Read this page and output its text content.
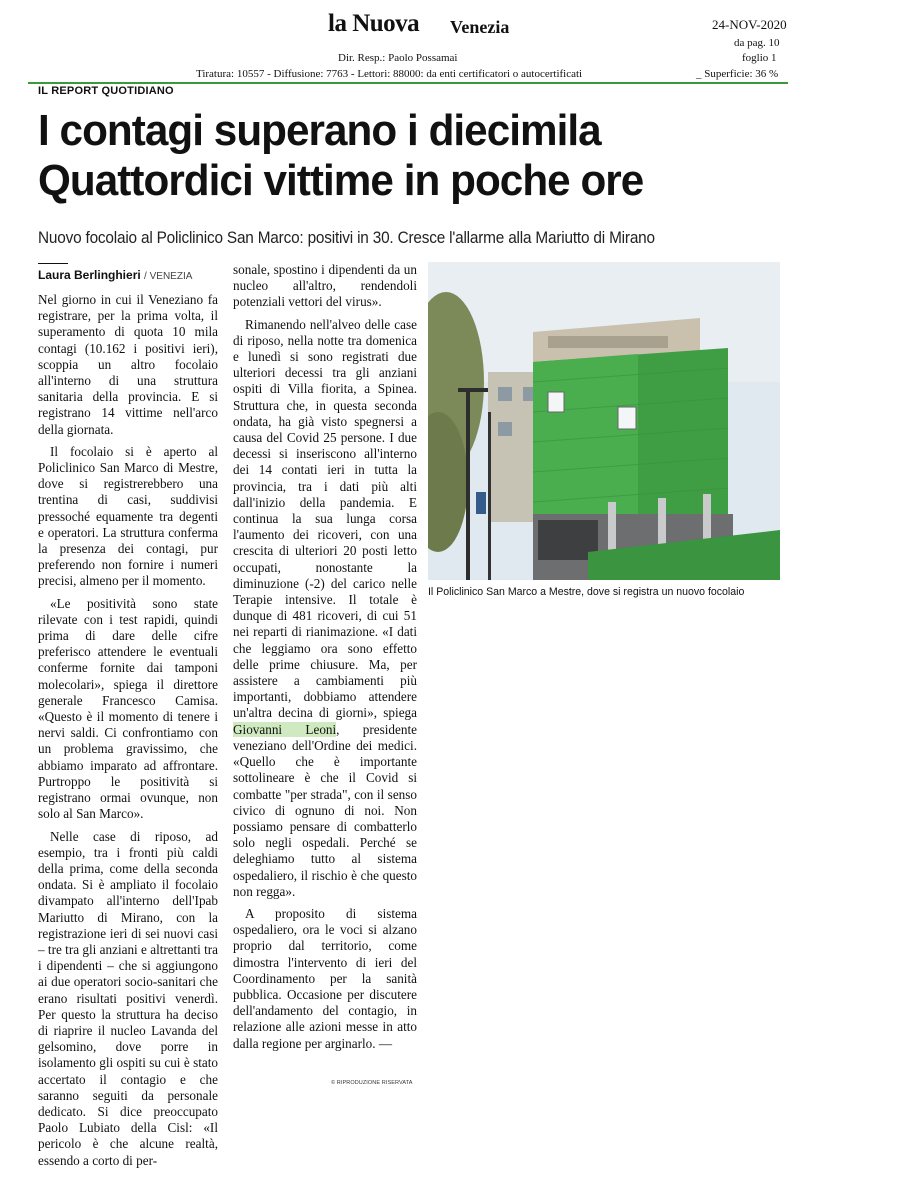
la Nuova Venezia	24-NOV-2020
da pag. 10
foglio 1
Dir. Resp.: Paolo Possamai
Tiratura: 10557 - Diffusione: 7763 - Lettori: 88000: da enti certificatori o autocertificati	_ Superficie: 36 %
IL REPORT QUOTIDIANO
I contagi superano i diecimila
Quattordici vittime in poche ore
Nuovo focolaio al Policlinico San Marco: positivi in 30. Cresce l'allarme alla Mariutto di Mirano
Laura Berlinghieri / VENEZIA

Nel giorno in cui il Veneziano fa registrare, per la prima volta, il superamento di quota 10 mila contagi (10.162 i positivi ieri), scoppia un altro focolaio all'interno di una struttura sanitaria della provincia. E si registrano 14 vittime nell'arco della giornata.

Il focolaio si è aperto al Policlinico San Marco di Mestre, dove si registrerebbero una trentina di casi, suddivisi pressoché equamente tra degenti e operatori. La struttura conferma la presenza dei contagi, pur preferendo non fornire i numeri precisi, almeno per il momento.

«Le positività sono state rilevate con i test rapidi, quindi prima di dare delle cifre preferisco attendere le eventuali conferme fornite dai tamponi molecolari», spiega il direttore generale Francesco Camisa. «Questo è il momento di tenere i nervi saldi. Ci confrontiamo con un problema gravissimo, che abbiamo imparato ad affrontare. Purtroppo le positività si registrano ormai ovunque, non solo al San Marco».

Nelle case di riposo, ad esempio, tra i fronti più caldi della prima, come della seconda ondata. Si è ampliato il focolaio divampato all'interno dell'Ipab Mariutto di Mirano, con la registrazione ieri di sei nuovi casi – tre tra gli anziani e altrettanti tra i dipendenti – che si aggiungono ai due operatori socio-sanitari che erano risultati positivi venerdì. Per questo la struttura ha deciso di riaprire il nucleo Lavanda del gelsomino, dove porre in isolamento gli ospiti su cui è stato accertato il contagio e che saranno seguiti da personale dedicato. Si dice preoccupato Paolo Lubiato della Cisl: «Il pericolo è che alcune realtà, essendo a corto di per-

sonale, spostino i dipendenti da un nucleo all'altro, rendendoli potenziali vettori del virus».

Rimanendo nell'alveo delle case di riposo, nella notte tra domenica e lunedì si sono registrati due ulteriori decessi tra gli anziani ospiti di Villa fiorita, a Spinea. Struttura che, in questa seconda ondata, ha già visto spegnersi a causa del Covid 25 persone. I due decessi si inseriscono all'interno dei 14 contati ieri in tutta la provincia, tra i dati più alti dall'inizio della pandemia. E continua la sua lunga corsa l'aumento dei ricoveri, con una crescita di ulteriori 20 posti letto occupati, nonostante la diminuzione (-2) del carico nelle Terapie intensive. Il totale è dunque di 481 ricoveri, di cui 51 nei reparti di rianimazione. «I dati che leggiamo ora sono effetto delle prime chiusure. Ma, per assistere a cambiamenti più importanti, dobbiamo attendere un'altra decina di giorni», spiega Giovanni Leoni, presidente veneziano dell'Ordine dei medici. «Quello che è importante sottolineare è che il Covid si combatte "per strada", con il senso civico di ognuno di noi. Non possiamo pensare di combatterlo solo negli ospedali. Perché se deleghiamo tutto al sistema ospedaliero, il rischio è che questo non regga».

A proposito di sistema ospedaliero, ora le voci si alzano proprio dal territorio, come dimostra l'intervento di ieri del Coordinamento per la sanità pubblica. Occasione per discutere dell'andamento del contagio, in relazione alle azioni messe in atto dalla regione per arginarlo. —

Il Policlinico San Marco a Mestre, dove si registra un nuovo focolaio
© RIPRODUZIONE RISERVATA
